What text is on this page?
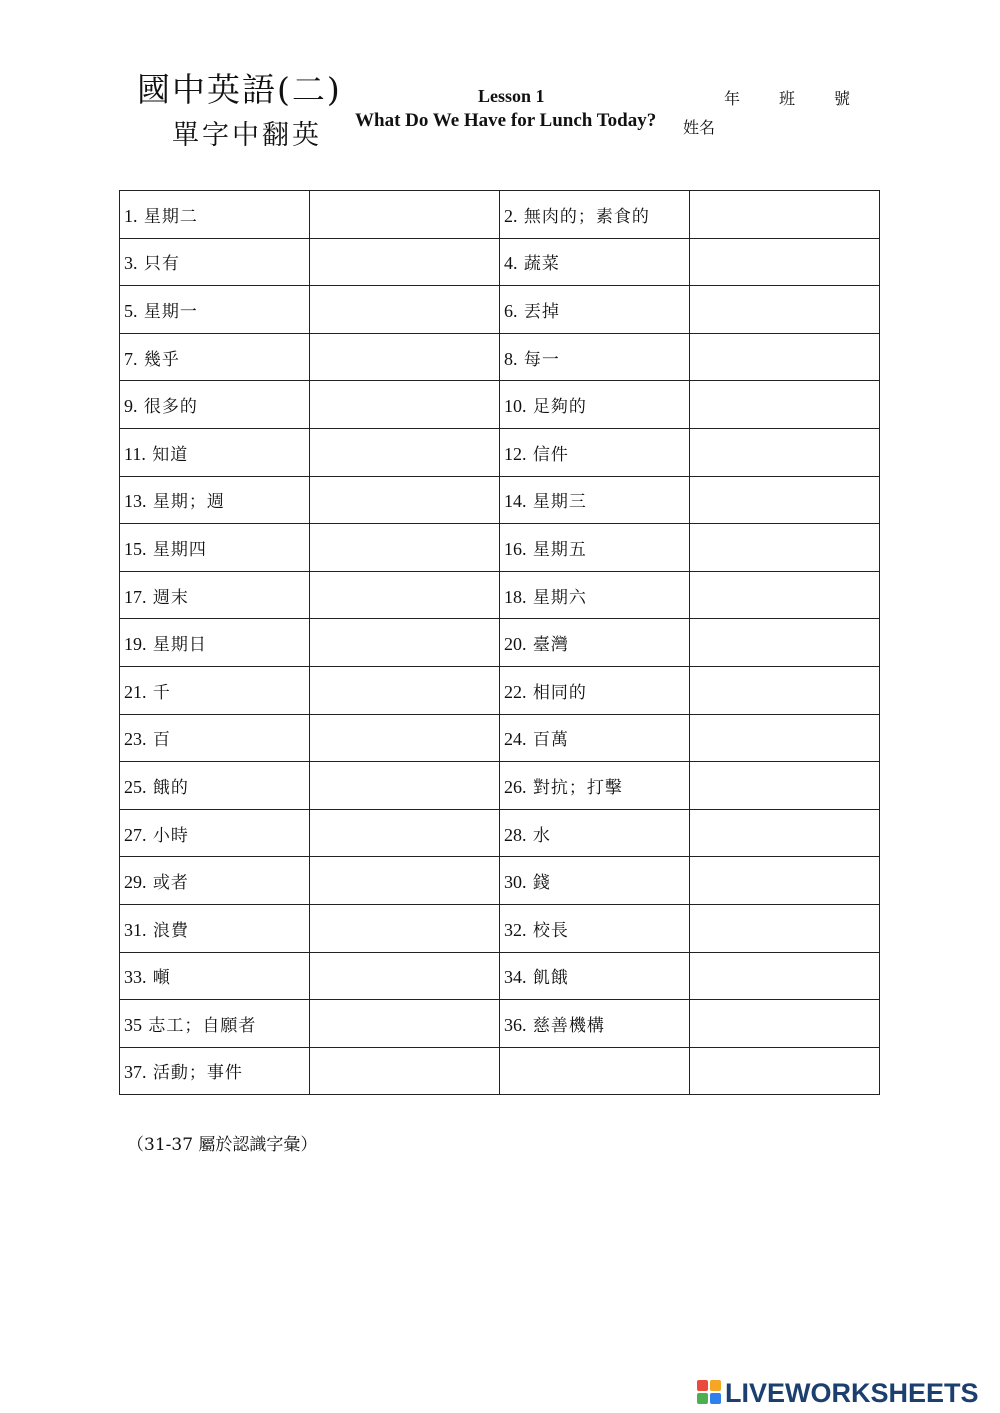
國中英語(二)
單字中翻英
Lesson 1
What Do We Have for Lunch Today?
年 班 號
姓名
1. 星期二		2. 無肉的；素食的	
3. 只有		4. 蔬菜	
5. 星期一		6. 丟掉	
7. 幾乎		8. 每一	
9. 很多的		10. 足夠的	
11. 知道		12. 信件	
13. 星期；週		14. 星期三	
15. 星期四		16. 星期五	
17. 週末		18. 星期六	
19. 星期日		20. 臺灣	
21. 千		22. 相同的	
23. 百		24. 百萬	
25. 餓的		26. 對抗；打擊	
27. 小時		28. 水	
29. 或者		30. 錢	
31. 浪費		32. 校長	
33. 噸		34. 飢餓	
35 志工；自願者		36. 慈善機構	
37. 活動；事件			
（31-37 屬於認識字彙）
LIVEWORKSHEETS
